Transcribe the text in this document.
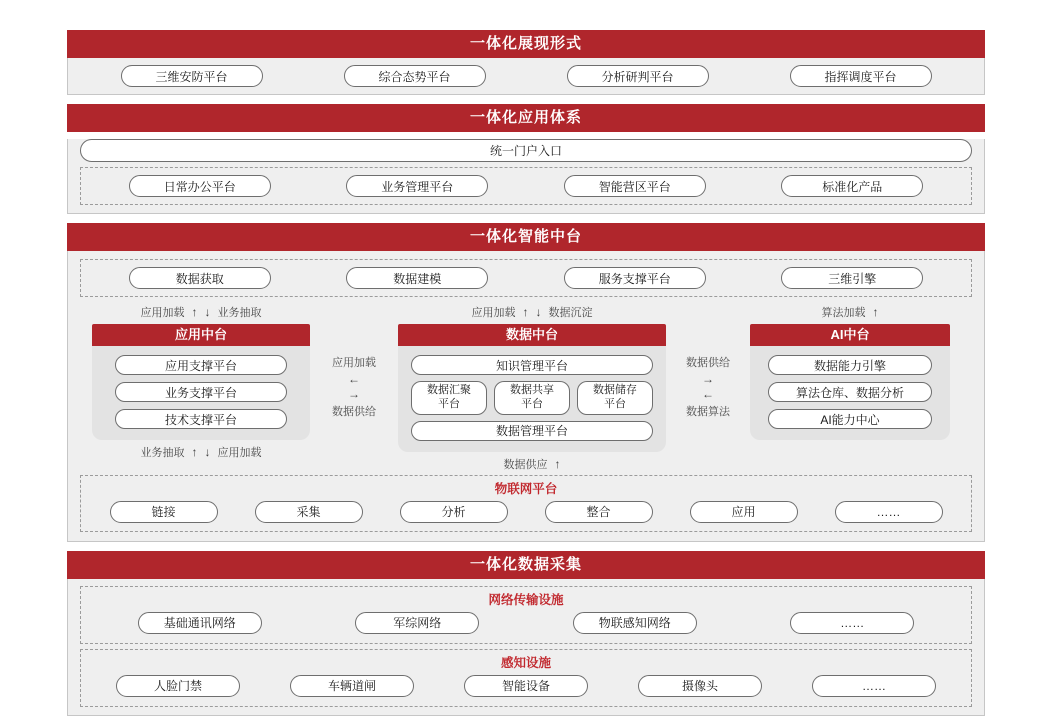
一体化展现形式
三维安防平台	综合态势平台	分析研判平台	指挥调度平台
一体化应用体系
统一门户入口
日常办公平台	业务管理平台	智能营区平台	标准化产品
一体化智能中台
数据获取	数据建模	服务支撑平台	三维引擎
应用加载 ↑ ↓ 业务抽取
应用中台
应用支撑平台
业务支撑平台
技术支撑平台
业务抽取 ↑ ↓ 应用加载
应用加载
←
→
数据供给
应用加载 ↑ ↓ 数据沉淀
数据中台
知识管理平台
数据汇聚
平台
数据共享
平台
数据储存
平台
数据管理平台
数据供应 ↑
数据供给
→
←
数据算法
算法加载 ↑
AI中台
数据能力引擎
算法仓库、数据分析
AI能力中心
物联网平台
链接	采集	分析	整合	应用	……
一体化数据采集
网络传输设施
基础通讯网络	军综网络	物联感知网络	……
感知设施
人脸门禁	车辆道闸	智能设备	摄像头	……
